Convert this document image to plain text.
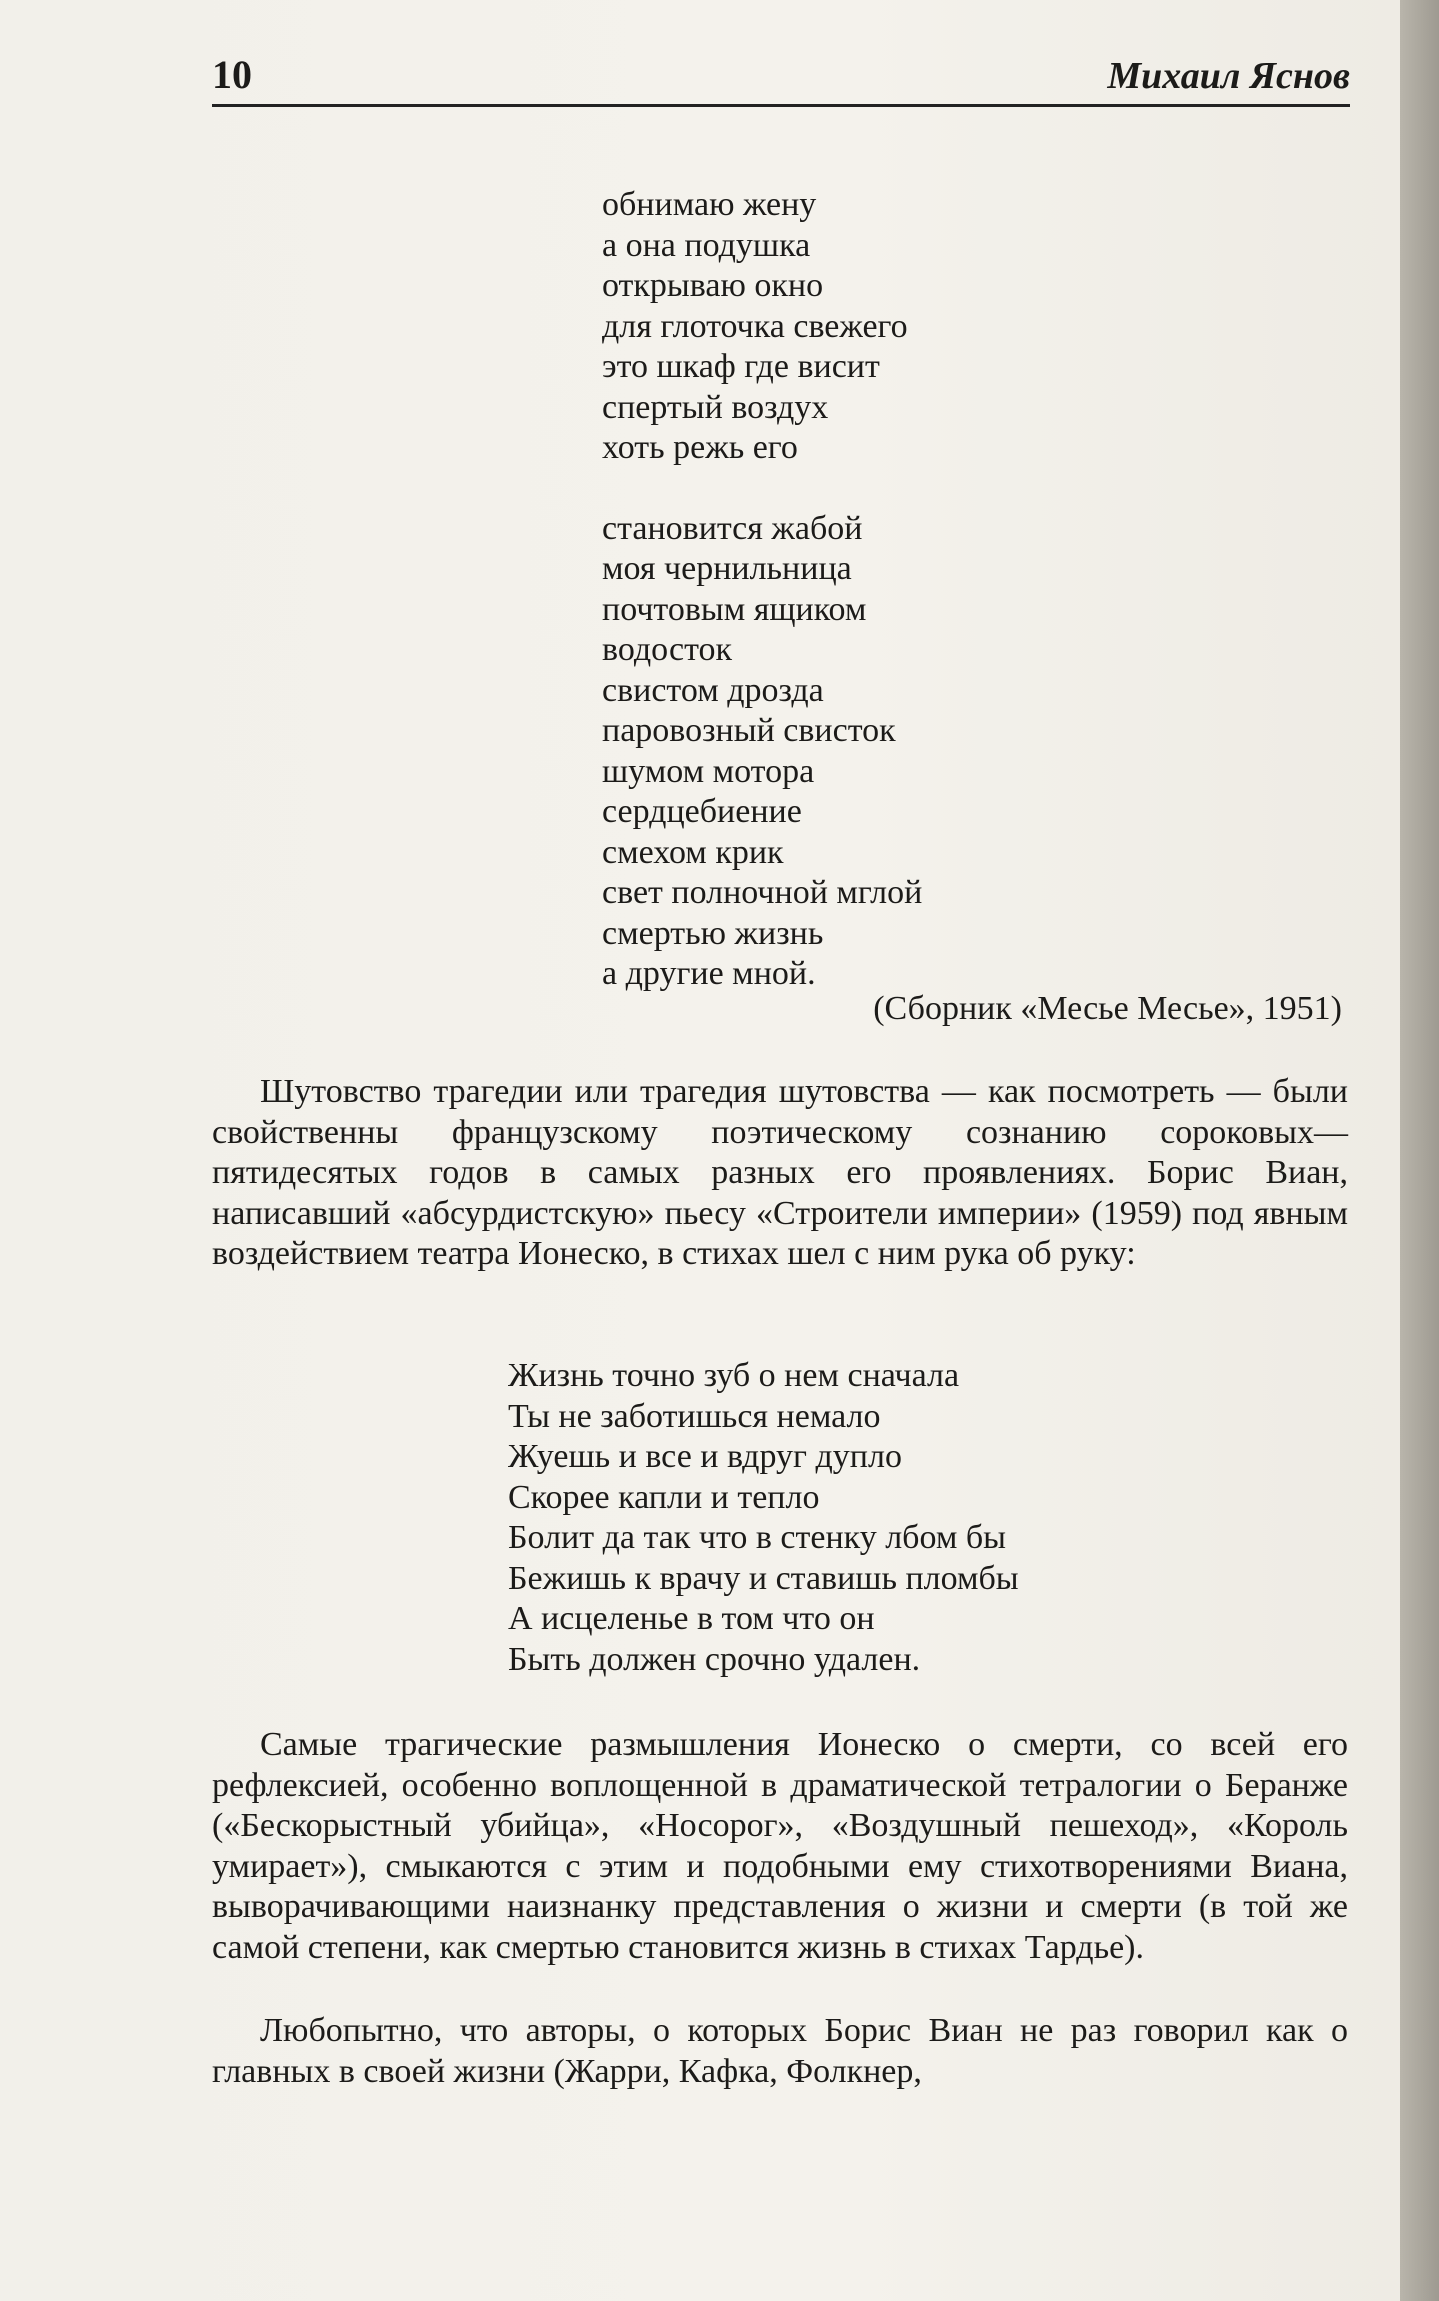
10	Михаил Яснов
обнимаю жену
а она подушка
открываю окно
для глоточка свежего
это шкаф где висит
спертый воздух
хоть режь его
становится жабой
моя чернильница
почтовым ящиком
водосток
свистом дрозда
паровозный свисток
шумом мотора
сердцебиение
смехом крик
свет полночной мглой
смертью жизнь
а другие мной.
(Сборник «Месье Месье», 1951)

Шутовство трагедии или трагедия шутовства — как посмотреть — были свойственны французскому поэтическому сознанию сороковых—пятидесятых годов в самых разных его проявлениях. Борис Виан, написавший «абсурдистскую» пьесу «Строители империи» (1959) под явным воздействием театра Ионеско, в стихах шел с ним рука об руку:

Жизнь точно зуб о нем сначала
Ты не заботишься немало
Жуешь и все и вдруг дупло
Скорее капли и тепло
Болит да так что в стенку лбом бы
Бежишь к врачу и ставишь пломбы
А исцеленье в том что он
Быть должен срочно удален.

Самые трагические размышления Ионеско о смерти, со всей его рефлексией, особенно воплощенной в драматической тетралогии о Беранже («Бескорыстный убийца», «Носорог», «Воздушный пешеход», «Король умирает»), смыкаются с этим и подобными ему стихотворениями Виана, выворачивающими наизнанку представления о жизни и смерти (в той же самой степени, как смертью становится жизнь в стихах Тардье).

Любопытно, что авторы, о которых Борис Виан не раз говорил как о главных в своей жизни (Жарри, Кафка, Фолкнер,
